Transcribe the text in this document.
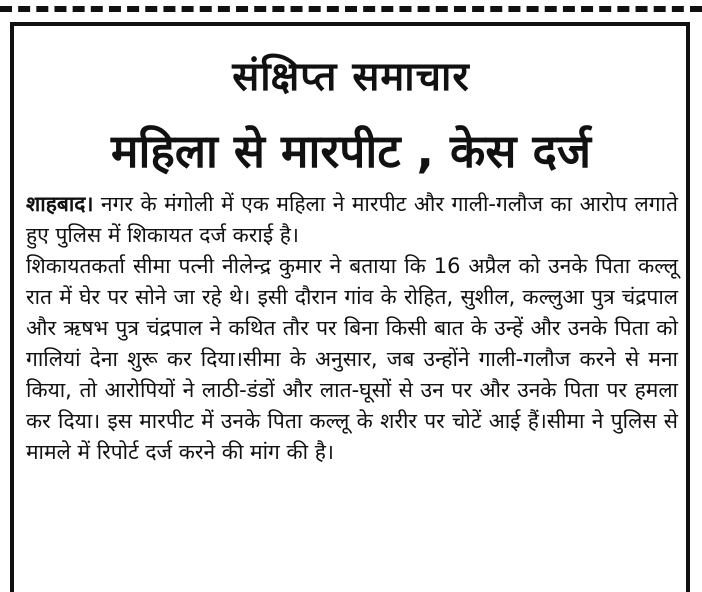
संक्षिप्त समाचार
महिला से मारपीट , केस दर्ज

शाहबाद। नगर के मंगोली में एक महिला ने मारपीट और गाली-गलौज का आरोप लगाते हुए पुलिस में शिकायत दर्ज कराई है।

शिकायतकर्ता सीमा पत्नी नीलेन्द्र कुमार ने बताया कि 16 अप्रैल को उनके पिता कल्लू रात में घेर पर सोने जा रहे थे। इसी दौरान गांव के रोहित, सुशील, कल्लुआ पुत्र चंद्रपाल और ऋषभ पुत्र चंद्रपाल ने कथित तौर पर बिना किसी बात के उन्हें और उनके पिता को गालियां देना शुरू कर दिया।सीमा के अनुसार, जब उन्होंने गाली-गलौज करने से मना किया, तो आरोपियों ने लाठी-डंडों और लात-घूसों से उन पर और उनके पिता पर हमला कर दिया। इस मारपीट में उनके पिता कल्लू के शरीर पर चोटें आई हैं।सीमा ने पुलिस से मामले में रिपोर्ट दर्ज करने की मांग की है।
